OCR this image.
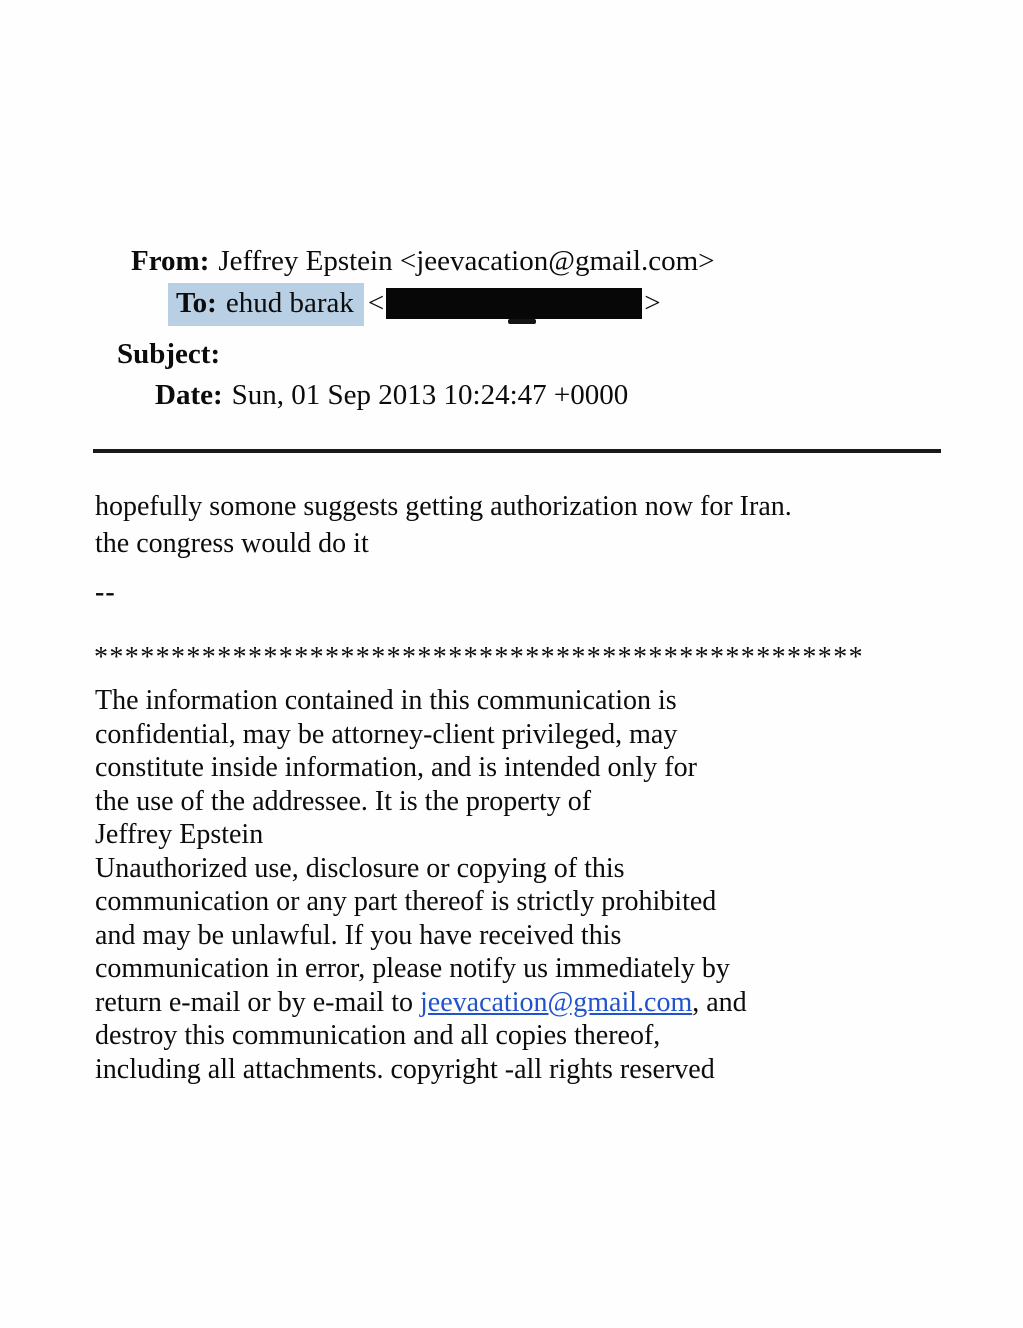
From: Jeffrey Epstein <jeevacation@gmail.com>
To: ehud barak <	>
Subject:
Date: Sun, 01 Sep 2013 10:24:47 +0000
hopefully somone suggests getting authorization now for Iran.
the congress would do it
--
**************************************************
The information contained in this communication is
confidential, may be attorney-client privileged, may
constitute inside information, and is intended only for
the use of the addressee. It is the property of
Jeffrey Epstein
Unauthorized use, disclosure or copying of this
communication or any part thereof is strictly prohibited
and may be unlawful. If you have received this
communication in error, please notify us immediately by
return e-mail or by e-mail to jeevacation@gmail.com, and
destroy this communication and all copies thereof,
including all attachments. copyright -all rights reserved
